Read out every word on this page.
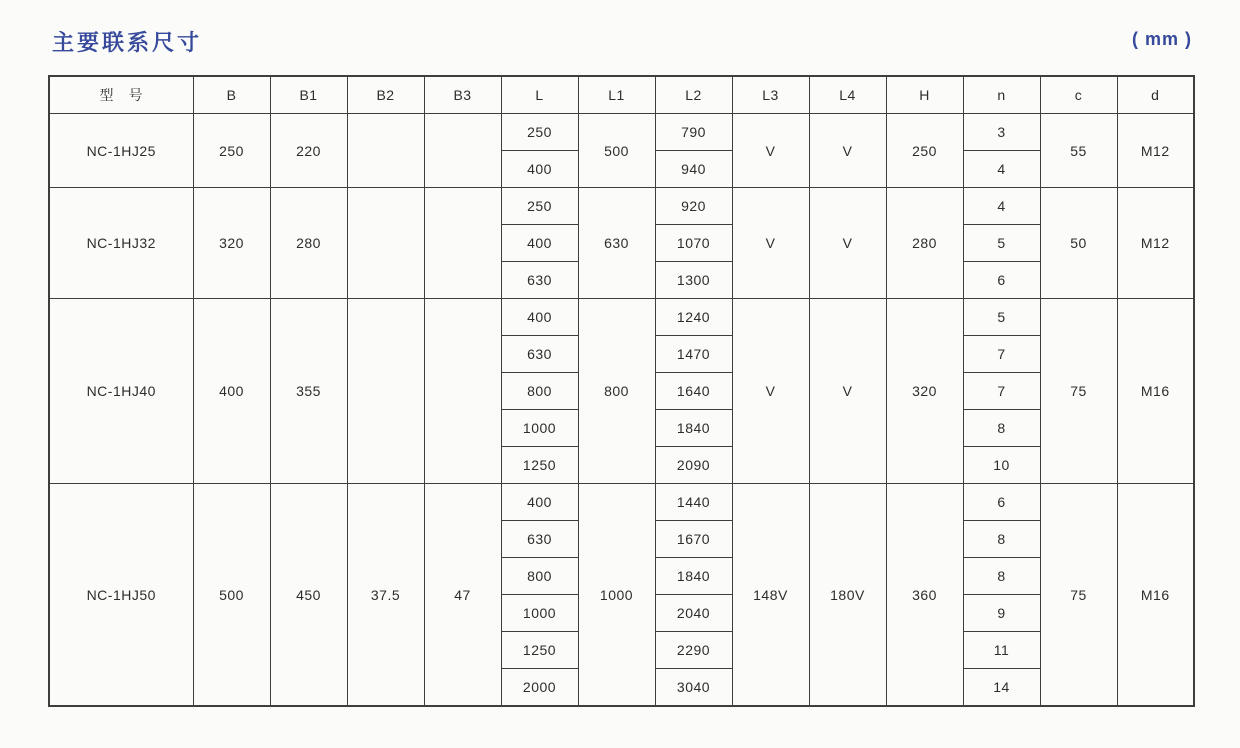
主要联系尺寸	( mm )
型　号	B	B1	B2	B3	L	L1	L2	L3	L4	H	n	c	d
NC-1HJ25	250	220			250	500	790	V	V	250	3	55	M12
					400		940				4		
NC-1HJ32	320	280			250	630	920	V	V	280	4	50	M12
					400		1070				5		
					630		1300				6		
NC-1HJ40	400	355			400	800	1240	V	V	320	5	75	M16
					630		1470				7		
					800		1640				7		
					1000		1840				8		
					1250		2090				10		
NC-1HJ50	500	450	37.5	47	400	1000	1440	148V	180V	360	6	75	M16
					630		1670				8		
					800		1840				8		
					1000		2040				9		
					1250		2290				11		
					2000		3040				14		
